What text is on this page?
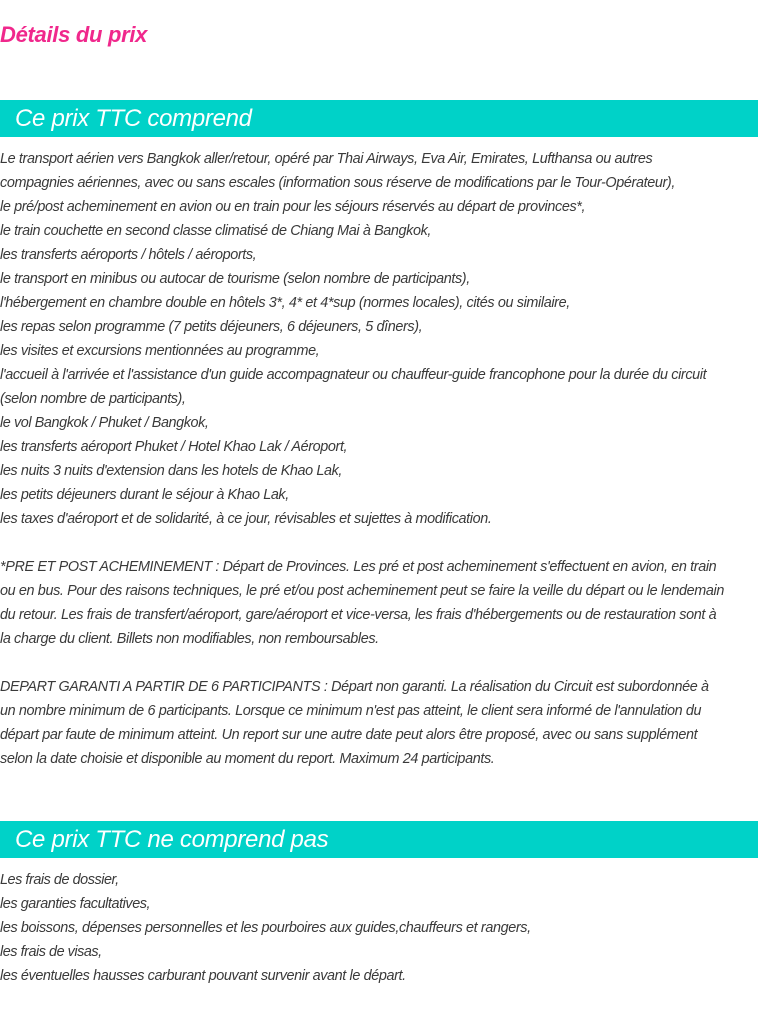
Détails du prix
Ce prix TTC comprend
Le transport aérien vers Bangkok aller/retour, opéré par Thai Airways, Eva Air, Emirates, Lufthansa ou autres
compagnies aériennes, avec ou sans escales (information sous réserve de modifications par le Tour-Opérateur),
le pré/post acheminement en avion ou en train pour les séjours réservés au départ de provinces*,
le train couchette en second classe climatisé de Chiang Mai à Bangkok,
les transferts aéroports / hôtels / aéroports,
le transport en minibus ou autocar de tourisme (selon nombre de participants),
l'hébergement en chambre double en hôtels 3*, 4* et 4*sup (normes locales), cités ou similaire,
les repas selon programme (7 petits déjeuners, 6 déjeuners, 5 dîners),
les visites et excursions mentionnées au programme,
l'accueil à l'arrivée et l'assistance d'un guide accompagnateur ou chauffeur-guide francophone pour la durée du circuit
(selon nombre de participants),
le vol Bangkok / Phuket / Bangkok,
les transferts aéroport Phuket / Hotel Khao Lak / Aéroport,
les nuits 3 nuits d'extension dans les hotels de Khao Lak,
les petits déjeuners durant le séjour à Khao Lak,
les taxes d'aéroport et de solidarité, à ce jour, révisables et sujettes à modification.
*PRE ET POST ACHEMINEMENT : Départ de Provinces. Les pré et post acheminement s'effectuent en avion, en train
ou en bus. Pour des raisons techniques, le pré et/ou post acheminement peut se faire la veille du départ ou le lendemain
du retour. Les frais de transfert/aéroport, gare/aéroport et vice-versa, les frais d'hébergements ou de restauration sont à
la charge du client. Billets non modifiables, non remboursables.
DEPART GARANTI A PARTIR DE 6 PARTICIPANTS : Départ non garanti. La réalisation du Circuit est subordonnée à
un nombre minimum de 6 participants. Lorsque ce minimum n'est pas atteint, le client sera informé de l'annulation du
départ par faute de minimum atteint. Un report sur une autre date peut alors être proposé, avec ou sans supplément
selon la date choisie et disponible au moment du report. Maximum 24 participants.
Ce prix TTC ne comprend pas
Les frais de dossier,
les garanties facultatives,
les boissons, dépenses personnelles et les pourboires aux guides,chauffeurs et rangers,
les frais de visas,
les éventuelles hausses carburant pouvant survenir avant le départ.
